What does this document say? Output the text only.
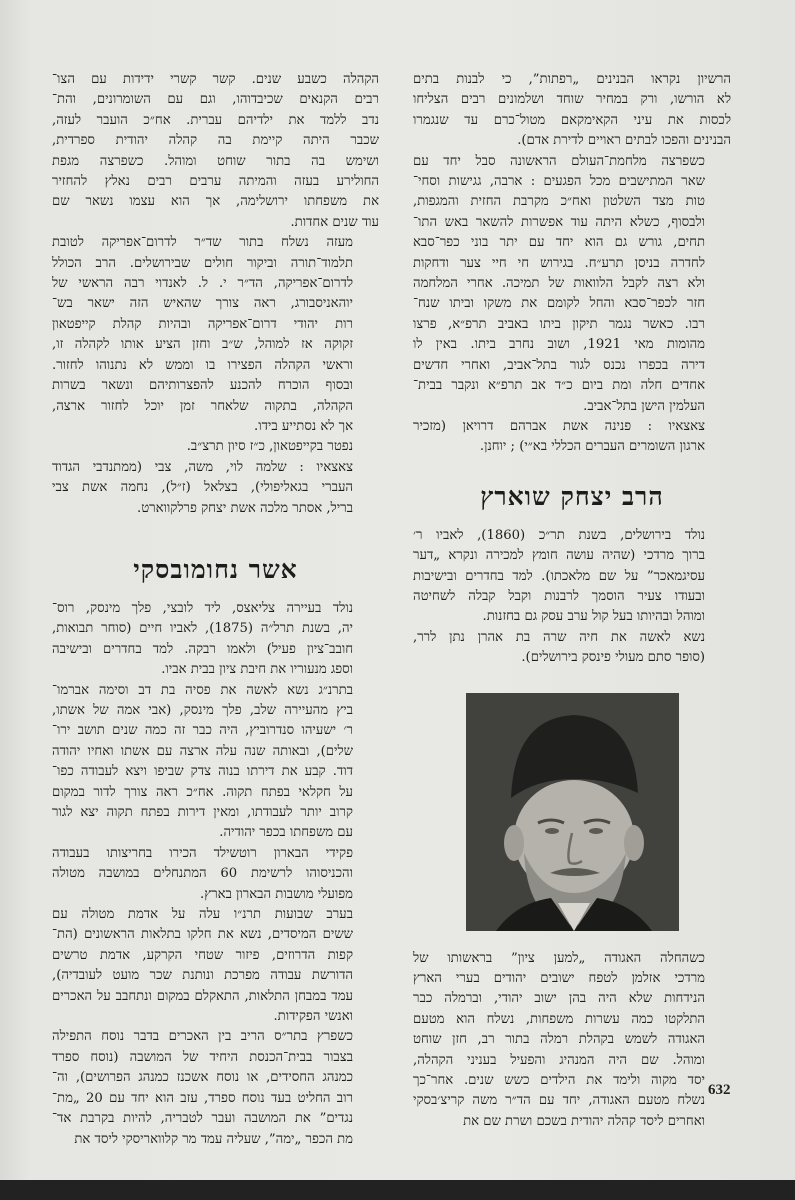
הרשיון נקראו הבנינים „רפתות”, כי לבנות בתים
לא הורשו, ורק במחיר שוחד ושלמונים רבים הצליחו
לכסות את עיני הקאימקאם מטול־כרם עד שנגמרו
הבנינים והפכו לבתים ראויים לדירת אדם).

כשפרצה מלחמת־העולם הראשונה סבל יחד עם
שאר המתישבים מכל הפגעים : ארבה, גגישות וסחי־
טות מצד השלטון ואח״כ מקרבת החזית והמגפות,
ולבסוף, כשלא היתה עוד אפשרות להשאר באש התו־
תחים, גורש גם הוא יחד עם יתר בוני כפר־סבא
לחדרה בניסן תרע״ח. בגירוש חי חיי צער ודחקות
ולא רצה לקבל הלוואות של תמיכה. אחרי המלחמה
חזר לכפר־סבא והחל לקומם את משקו וביתו שנח־
רבו. כאשר נגמר תיקון ביתו באביב תרפ״א, פרצו
מהומות מאי 1921, ושוב נחרב ביתו. באין לו
דירה בכפרו נכנס לגור בתל־אביב, ואחרי חדשים
אחדים חלה ומת ביום כ״ד אב תרפ״א ונקבר בבית־
העלמין הישן בתל־אביב.

צאצאיו : פנינה אשת אברהם דרויאן (מזכיר
ארגון השומרים העברים הכללי בא״י) ; יוחנן.

הרב יצחק שוארץ

נולד בירושלים, בשנת תר״כ (1860), לאביו ר׳
ברוך מרדכי (שהיה עושה חומץ למכירה ונקרא „דער
עסיגמאכר” על שם מלאכתו). למד בחדרים ובישיבות
ובעודו צעיר הוסמך לרבנות וקבל קבלה לשחיטה
ומוהל ובהיותו בעל קול ערב עסק גם בחזנות.

נשא לאשה את חיה שרה בת אהרן נתן לרר,
(סופר סתם מעולי פינסק בירושלים).

כשהחלה האגודה „למען ציון” בראשותו של
מרדכי אזלמן לטפח ישובים יהודים בערי הארץ
הנידחות שלא היה בהן ישוב יהודי, וברמלה כבר
התלקטו כמה עשרות משפחות, נשלח הוא מטעם
האגודה לשמש בקהלת רמלה בתור רב, חזן שוחט
ומוהל. שם היה המנהיג והפעיל בעניני הקהלה,
יסד מקוה ולימד את הילדים כשש שנים. אחר־כך
נשלח מטעם האגודה, יחד עם הד״ר משה קריצ׳בסקי
ואחרים ליסד קהלה יהודית בשכם ושרת שם את

הקהלה כשבע שנים. קשר קשרי ידידות עם הצו־
רבים הקנאים שכיבדוהו, וגם עם השומרונים, והת־
נדב ללמד את ילדיהם עברית. אח״כ הועבר לעזה,
שכבר היתה קיימת בה קהלה יהודית ספרדית,
ושימש בה בתור שוחט ומוהל. כשפרצה מגפת
החולירע בעזה והמיתה ערבים רבים נאלץ להחזיר
את משפחתו ירושלימה, אך הוא עצמו נשאר שם
עוד שנים אחדות.

מעזה נשלח בתור שד״ר לדרום־אפריקה לטובת
תלמוד־תורה וביקור חולים שבירושלים. הרב הכולל
לדרום־אפריקה, הד״ר י. ל. לאנדוי רבה הראשי של
יוהאניסבורג, ראה צורך שהאיש הזה ישאר בש־
רות יהודי דרום־אפריקה ובהיות קהלת קייפטאון
זקוקה אז למוהל, ש״ב וחזן הציע אותו לקהלה זו,
וראשי הקהלה הפצירו בו וממש לא נתנוהו לחזור.
ובסוף הוכרח להכנע להפצרותיהם ונשאר בשרות
הקהלה, בתקוה שלאחר זמן יוכל לחזור ארצה,
אך לא נסתייע בידו.

נפטר בקייפטאון, כ״ז סיון תרצ״ב.

צאצאיו : שלמה לוי, משה, צבי (ממתנדבי הגדוד
העברי בגאליפולי), בצלאל (ז״ל), נחמה אשת צבי
בריל, אסתר מלכה אשת יצחק פרלקווארט.

אשר נחומובסקי

נולד בעיירה צליאצס, ליד לובצי, פלך מינסק, רוס־
יה, בשנת תרל״ה (1875), לאביו חיים (סוחר תבואות,
חובב־ציון פעיל) ולאמו רבקה. למד בחדרים ובישיבה
וספג מנעוריו את חיבת ציון בבית אביו.

בתרנ״ג נשא לאשה את פסיה בת דב וסימה אברמו־
ביץ מהעיירה שלב, פלך מינסק, (אבי אמה של אשתו,
ר׳ ישעיהו סנדרוביץ, היה כבר זה כמה שנים תושב ירו־
שלים), ובאותה שנה עלה ארצה עם אשתו ואחיו יהודה
דוד. קבע את דירתו בנוה צדק שביפו ויצא לעבודה כפו־
על חקלאי בפתח תקוה. אח״כ ראה צורך לדור במקום
קרוב יותר לעבודתו, ומאין דירות בפתח תקוה יצא לגור
עם משפחתו בכפר יהודיה.

פקידי הבארון רוטשילד הכירו בחריצותו בעבודה
והכניסוהו לרשימת 60 המתנחלים במושבה מטולה
מפועלי מושבות הבארון בארץ.

בערב שבועות תרנ״ו עלה על אדמת מטולה עם
ששים המיסדים, נשא את חלקו בתלאות הראשונים (הת־
קפות הדרוזים, פיזור שטחי הקרקע, אדמת טרשים
הדורשת עבודה מפרכת ונותנת שכר מועט לעובדיה),
עמד במבחן התלאות, התאקלם במקום ונתחבב על האכרים
ואנשי הפקידות.

כשפרץ בתר״ס הריב בין האכרים בדבר נוסח התפילה
בצבור בבית־הכנסת היחיד של המושבה (נוסח ספרד
כמנהג החסידים, או נוסח אשכנז כמנהג הפרושים), וה־
רוב החליט בעד נוסח ספרד, עזב הוא יחד עם 20 „מת־
נגדים” את המושבה ועבר לטבריה, להיות בקרבת אד־
מת הכפר „ימה”, שעליה עמד מר קלוואריסקי ליסד את

632
